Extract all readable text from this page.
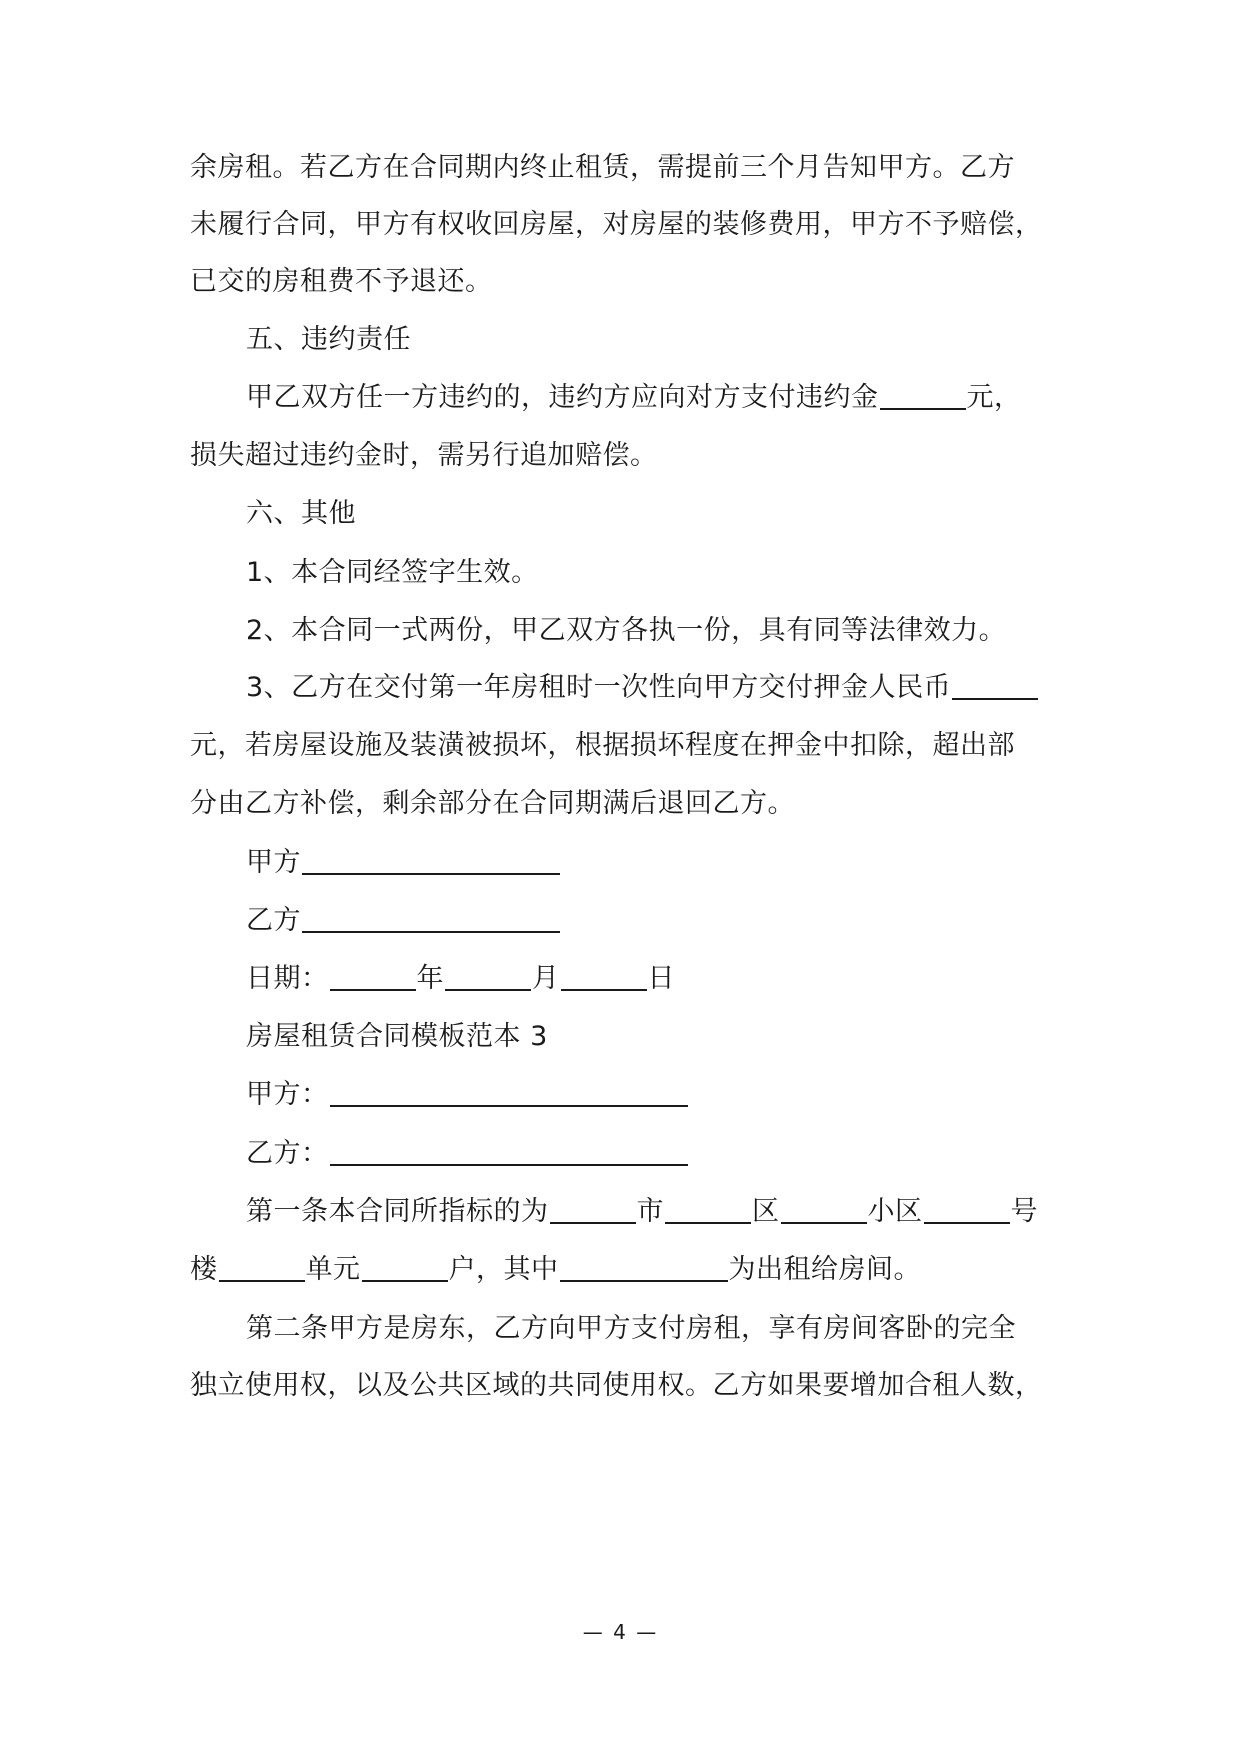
余房租。若乙方在合同期内终止租赁，需提前三个月告知甲方。乙方
未履行合同，甲方有权收回房屋，对房屋的装修费用，甲方不予赔偿，
已交的房租费不予退还。
五、违约责任
甲乙双方任一方违约的，违约方应向对方支付违约金	元，
损失超过违约金时，需另行追加赔偿。
六、其他
1、本合同经签字生效。
2、本合同一式两份，甲乙双方各执一份，具有同等法律效力。
3、乙方在交付第一年房租时一次性向甲方交付押金人民币
元，若房屋设施及装潢被损坏，根据损坏程度在押金中扣除，超出部
分由乙方补偿，剩余部分在合同期满后退回乙方。
甲方
乙方
日期：	年	月	日
房屋租赁合同模板范本 3
甲方：
乙方：
第一条本合同所指标的为	市	区	小区	号
楼	单元	户，其中	为出租给房间。
第二条甲方是房东，乙方向甲方支付房租，享有房间客卧的完全
独立使用权，以及公共区域的共同使用权。乙方如果要增加合租人数，
— 4 —
